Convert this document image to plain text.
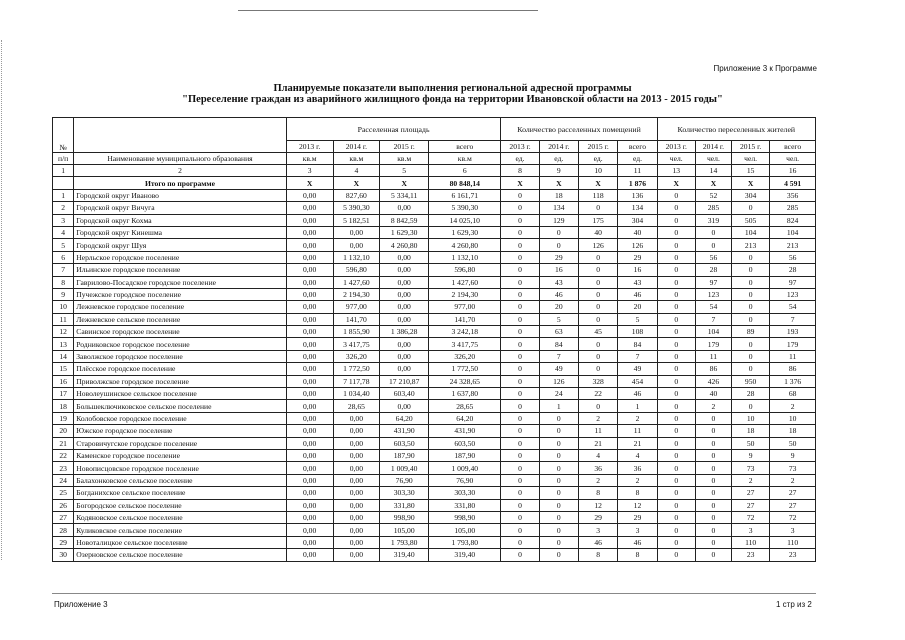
Приложение 3 к Программе
Планируемые показатели выполнения региональной адресной программы
"Переселение граждан из аварийного жилищного фонда на территории Ивановской области на 2013 - 2015 годы"
№		Расселенная площадь				Количество расселенных помещений				Количество переселенных жителей			
		2013 г.	2014 г.	2015 г.	всего	2013 г.	2014 г.	2015 г.	всего	2013 г.	2014 г.	2015 г.	всего
п/п	Наименование муниципального образования	кв.м	кв.м	кв.м	кв.м	ед.	ед.	ед.	ед.	чел.	чел.	чел.	чел.
1	2	3	4	5	6	8	9	10	11	13	14	15	16
	Итого по программе	X	X	X	80 848,14	X	X	X	1 876	X	X	X	4 591
1	Городской округ Иваново	0,00	827,60	5 334,11	6 161,71	0	18	118	136	0	52	304	356
2	Городской округ Вичуга	0,00	5 390,30	0,00	5 390,30	0	134	0	134	0	285	0	285
3	Городской округ Кохма	0,00	5 182,51	8 842,59	14 025,10	0	129	175	304	0	319	505	824
4	Городской округ Кинешма	0,00	0,00	1 629,30	1 629,30	0	0	40	40	0	0	104	104
5	Городской округ Шуя	0,00	0,00	4 260,80	4 260,80	0	0	126	126	0	0	213	213
6	Нерльское городское поселение	0,00	1 132,10	0,00	1 132,10	0	29	0	29	0	56	0	56
7	Ильинское городское поселение	0,00	596,80	0,00	596,80	0	16	0	16	0	28	0	28
8	Гаврилово-Посадское городское поселение	0,00	1 427,60	0,00	1 427,60	0	43	0	43	0	97	0	97
9	Пучежское городское поселение	0,00	2 194,30	0,00	2 194,30	0	46	0	46	0	123	0	123
10	Лежневское городское поселение	0,00	977,00	0,00	977,00	0	20	0	20	0	54	0	54
11	Лежневское сельское поселение	0,00	141,70	0,00	141,70	0	5	0	5	0	7	0	7
12	Савинское городское поселение	0,00	1 855,90	1 386,28	3 242,18	0	63	45	108	0	104	89	193
13	Родниковское городское поселение	0,00	3 417,75	0,00	3 417,75	0	84	0	84	0	179	0	179
14	Заволжское городское поселение	0,00	326,20	0,00	326,20	0	7	0	7	0	11	0	11
15	Плёсское городское поселение	0,00	1 772,50	0,00	1 772,50	0	49	0	49	0	86	0	86
16	Приволжское городское поселение	0,00	7 117,78	17 210,87	24 328,65	0	126	328	454	0	426	950	1 376
17	Новолеушинское сельское поселение	0,00	1 034,40	603,40	1 637,80	0	24	22	46	0	40	28	68
18	Большеключиковское сельское поселение	0,00	28,65	0,00	28,65	0	1	0	1	0	2	0	2
19	Колобовское городское поселение	0,00	0,00	64,20	64,20	0	0	2	2	0	0	10	10
20	Южское городское поселение	0,00	0,00	431,90	431,90	0	0	11	11	0	0	18	18
21	Старовичугское городское поселение	0,00	0,00	603,50	603,50	0	0	21	21	0	0	50	50
22	Каменское городское поселение	0,00	0,00	187,90	187,90	0	0	4	4	0	0	9	9
23	Новописцовское городское поселение	0,00	0,00	1 009,40	1 009,40	0	0	36	36	0	0	73	73
24	Балахонковское сельское поселение	0,00	0,00	76,90	76,90	0	0	2	2	0	0	2	2
25	Богданихское сельское поселение	0,00	0,00	303,30	303,30	0	0	8	8	0	0	27	27
26	Богородское сельское поселение	0,00	0,00	331,80	331,80	0	0	12	12	0	0	27	27
27	Кодяновское сельское поселение	0,00	0,00	998,90	998,90	0	0	29	29	0	0	72	72
28	Куликовское сельское поселение	0,00	0,00	105,00	105,00	0	0	3	3	0	0	3	3
29	Новоталицкое сельское поселение	0,00	0,00	1 793,80	1 793,80	0	0	46	46	0	0	110	110
30	Озерновское сельское поселение	0,00	0,00	319,40	319,40	0	0	8	8	0	0	23	23
Приложение 3	1 стр из 2
